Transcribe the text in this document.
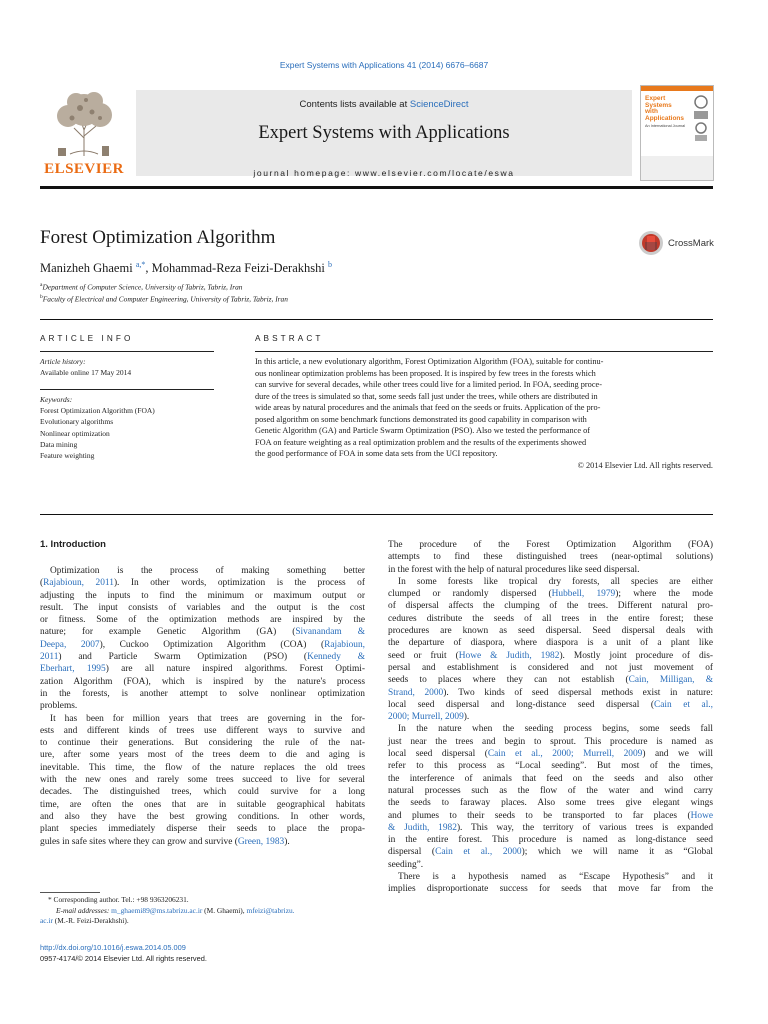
Expert Systems with Applications 41 (2014) 6676–6687
ELSEVIER
Contents lists available at ScienceDirect
Expert Systems with Applications
journal homepage: www.elsevier.com/locate/eswa
Expert
Systems
with
Applications
An International Journal
Forest Optimization Algorithm	CrossMark
Manizheh Ghaemi $^{a,*}$, Mohammad-Reza Feizi-Derakhshi $^b$
$^a$Department of Computer Science, University of Tabriz, Tabriz, Iran
$^b$Faculty of Electrical and Computer Engineering, University of Tabriz, Tabriz, Iran
ARTICLE INFO	ABSTRACT
Article history:
Available online 17 May 2014
Keywords:
Forest Optimization Algorithm (FOA)
Evolutionary algorithms
Nonlinear optimization
Data mining
Feature weighting
In this article, a new evolutionary algorithm, Forest Optimization Algorithm (FOA), suitable for continu-
ous nonlinear optimization problems has been proposed. It is inspired by few trees in the forests which
can survive for several decades, while other trees could live for a limited period. In FOA, seeding proce-
dure of the trees is simulated so that, some seeds fall just under the trees, while others are distributed in
wide areas by natural procedures and the animals that feed on the seeds or fruits. Application of the pro-
posed algorithm on some benchmark functions demonstrated its good capability in comparison with
Genetic Algorithm (GA) and Particle Swarm Optimization (PSO). Also we tested the performance of
FOA on feature weighting as a real optimization problem and the results of the experiments showed
the good performance of FOA in some data sets from the UCI repository.
© 2014 Elsevier Ltd. All rights reserved.
1. Introduction
Optimization is the process of making something better
(Rajabioun, 2011). In other words, optimization is the process of
adjusting the inputs to find the minimum or maximum output or
result. The input consists of variables and the output is the cost
or fitness. Some of the optimization methods are inspired by the
nature; for example Genetic Algorithm (GA) (Sivanandam &
Deepa, 2007), Cuckoo Optimization Algorithm (COA) (Rajabioun,
2011) and Particle Swarm Optimization (PSO) (Kennedy &
Eberhart, 1995) are all nature inspired algorithms. Forest Optimi-
zation Algorithm (FOA), which is inspired by the nature's process
in the forests, is another attempt to solve nonlinear optimization
problems.
It has been for million years that trees are governing in the for-
ests and different kinds of trees use different ways to survive and
to continue their generations. But considering the rule of the nat-
ure, after some years most of the trees deem to die and aging is
inevitable. This time, the flow of the nature replaces the old trees
with the new ones and rarely some trees succeed to live for several
decades. The distinguished trees, which could survive for a long
time, are often the ones that are in suitable geographical habitats
and also they have the best growing conditions. In other words,
plant species immediately disperse their seeds to place the propa-
gules in safe sites where they can grow and survive (Green, 1983).
The procedure of the Forest Optimization Algorithm (FOA)
attempts to find these distinguished trees (near-optimal solutions)
in the forest with the help of natural procedures like seed dispersal.
In some forests like tropical dry forests, all species are either
clumped or randomly dispersed (Hubbell, 1979); where the mode
of dispersal affects the clumping of the trees. Different natural pro-
cedures distribute the seeds of all trees in the entire forest; these
procedures are known as seed dispersal. Seed dispersal deals with
the departure of diaspora, where diaspora is a unit of a plant like
seed or fruit (Howe & Judith, 1982). Mostly joint procedure of dis-
persal and establishment is considered and not just movement of
seeds to places where they can not establish (Cain, Milligan, &
Strand, 2000). Two kinds of seed dispersal methods exist in nature:
local seed dispersal and long-distance seed dispersal (Cain et al.,
2000; Murrell, 2009).
In the nature when the seeding process begins, some seeds fall
just near the trees and begin to sprout. This procedure is named as
local seed dispersal (Cain et al., 2000; Murrell, 2009) and we will
refer to this process as “Local seeding”. But most of the times,
the interference of animals that feed on the seeds and also other
natural processes such as the flow of the water and wind carry
the seeds to faraway places. Also some trees give elegant wings
and plumes to their seeds to be transported to far places (Howe
& Judith, 1982). This way, the territory of various trees is expanded
in the entire forest. This procedure is named as long-distance seed
dispersal (Cain et al., 2000); which we will name it as “Global
seeding”.
There is a hypothesis named as “Escape Hypothesis” and it
implies disproportionate success for seeds that move far from the
* Corresponding author. Tel.: +98 9363206231.
E-mail addresses: m_ghaemi89@ms.tabrizu.ac.ir (M. Ghaemi), mfeizi@tabrizu.
ac.ir (M.-R. Feizi-Derakhshi).
http://dx.doi.org/10.1016/j.eswa.2014.05.009
0957-4174/© 2014 Elsevier Ltd. All rights reserved.
